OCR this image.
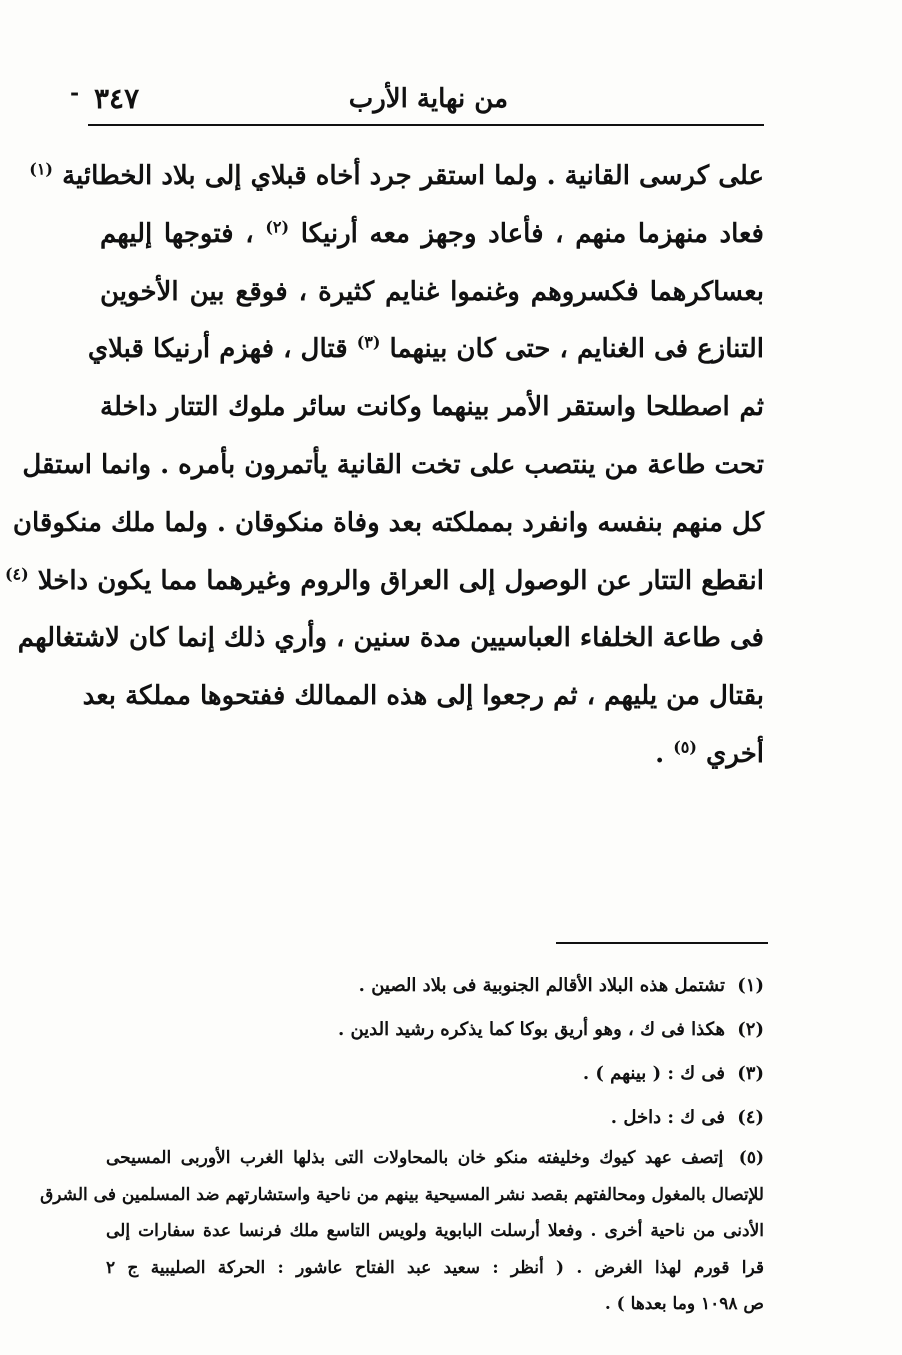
من نهاية الأرب
٣٤٧
-
على كرسى القانية . ولما استقر جرد أخاه قبلاي إلى بلاد الخطائية $^{(١)}$
فعاد منهزما منهم ، فأعاد وجهز معه أرنيكا $^{(٢)}$ ، فتوجها إليهم
بعساكرهما فكسروهم وغنموا غنايم كثيرة ، فوقع بين الأخوين
التنازع فى الغنايم ، حتى كان بينهما $^{(٣)}$ قتال ، فهزم أرنيكا قبلاي
ثم اصطلحا واستقر الأمر بينهما وكانت سائر ملوك التتار داخلة
تحت طاعة من ينتصب على تخت القانية يأتمرون بأمره . وانما استقل
كل منهم بنفسه وانفرد بمملكته بعد وفاة منكوقان . ولما ملك منكوقان
انقطع التتار عن الوصول إلى العراق والروم وغيرهما مما يكون داخلا $^{(٤)}$
فى طاعة الخلفاء العباسيين مدة سنين ، وأري ذلك إنما كان لاشتغالهم
بقتال من يليهم ، ثم رجعوا إلى هذه الممالك ففتحوها مملكة بعد
أخري $^{(٥)}$ .
(١) تشتمل هذه البلاد الأقالم الجنوبية فى بلاد الصين .
(٢) هكذا فى ك ، وهو أريق بوكا كما يذكره رشيد الدين .
(٣) فى ك : ( بينهم ) .
(٤) فى ك : داخل .
(٥) إتصف عهد كيوك وخليفته منكو خان بالمحاولات التى بذلها الغرب الأوربى المسيحى
للإتصال بالمغول ومحالفتهم بقصد نشر المسيحية بينهم من ناحية واستشارتهم ضد المسلمين فى الشرق
الأدنى من ناحية أخرى . وفعلا أرسلت البابوية ولويس التاسع ملك فرنسا عدة سفارات إلى
قرا قورم لهذا الغرض . ( أنظر : سعيد عبد الفتاح عاشور : الحركة الصليبية ج ٢
ص ١٠٩٨ وما بعدها ) .
